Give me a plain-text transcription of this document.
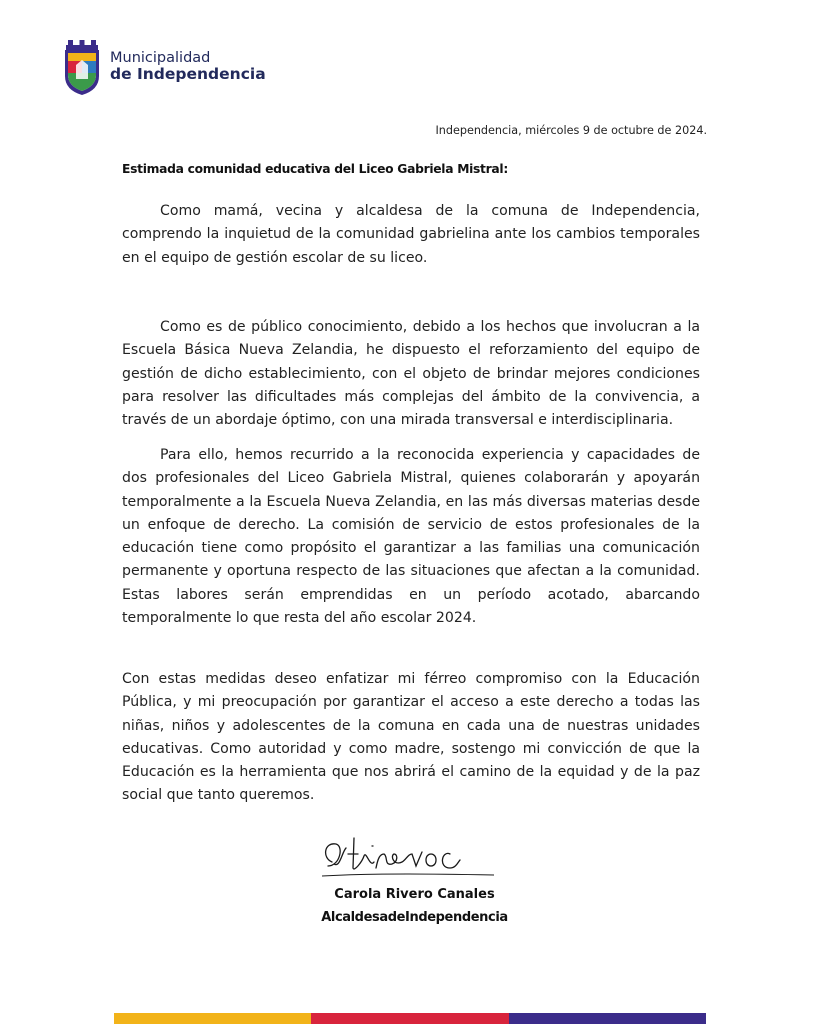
Municipalidad
de Independencia
Independencia, miércoles 9 de octubre de 2024.
Estimada comunidad educativa del Liceo Gabriela Mistral:

Como mamá, vecina y alcaldesa de la comuna de Independencia, comprendo la inquietud de la comunidad gabrielina ante los cambios temporales en el equipo de gestión escolar de su liceo.

Como es de público conocimiento, debido a los hechos que involucran a la Escuela Básica Nueva Zelandia, he dispuesto el reforzamiento del equipo de gestión de dicho establecimiento, con el objeto de brindar mejores condiciones para resolver las dificultades más complejas del ámbito de la convivencia, a través de un abordaje óptimo, con una mirada transversal e interdisciplinaria.

Para ello, hemos recurrido a la reconocida experiencia y capacidades de dos profesionales del Liceo Gabriela Mistral, quienes colaborarán y apoyarán temporalmente a la Escuela Nueva Zelandia, en las más diversas materias desde un enfoque de derecho. La comisión de servicio de estos profesionales de la educación tiene como propósito el garantizar a las familias una comunicación permanente y oportuna respecto de las situaciones que afectan a la comunidad. Estas labores serán emprendidas en un período acotado, abarcando temporalmente lo que resta del año escolar 2024.

Con estas medidas deseo enfatizar mi férreo compromiso con la Educación Pública, y mi preocupación por garantizar el acceso a este derecho a todas las niñas, niños y adolescentes de la comuna en cada una de nuestras unidades educativas. Como autoridad y como madre, sostengo mi convicción de que la Educación es la herramienta que nos abrirá el camino de la equidad y de la paz social que tanto queremos.

Carola Rivero Canales
AlcaldesadeIndependencia
